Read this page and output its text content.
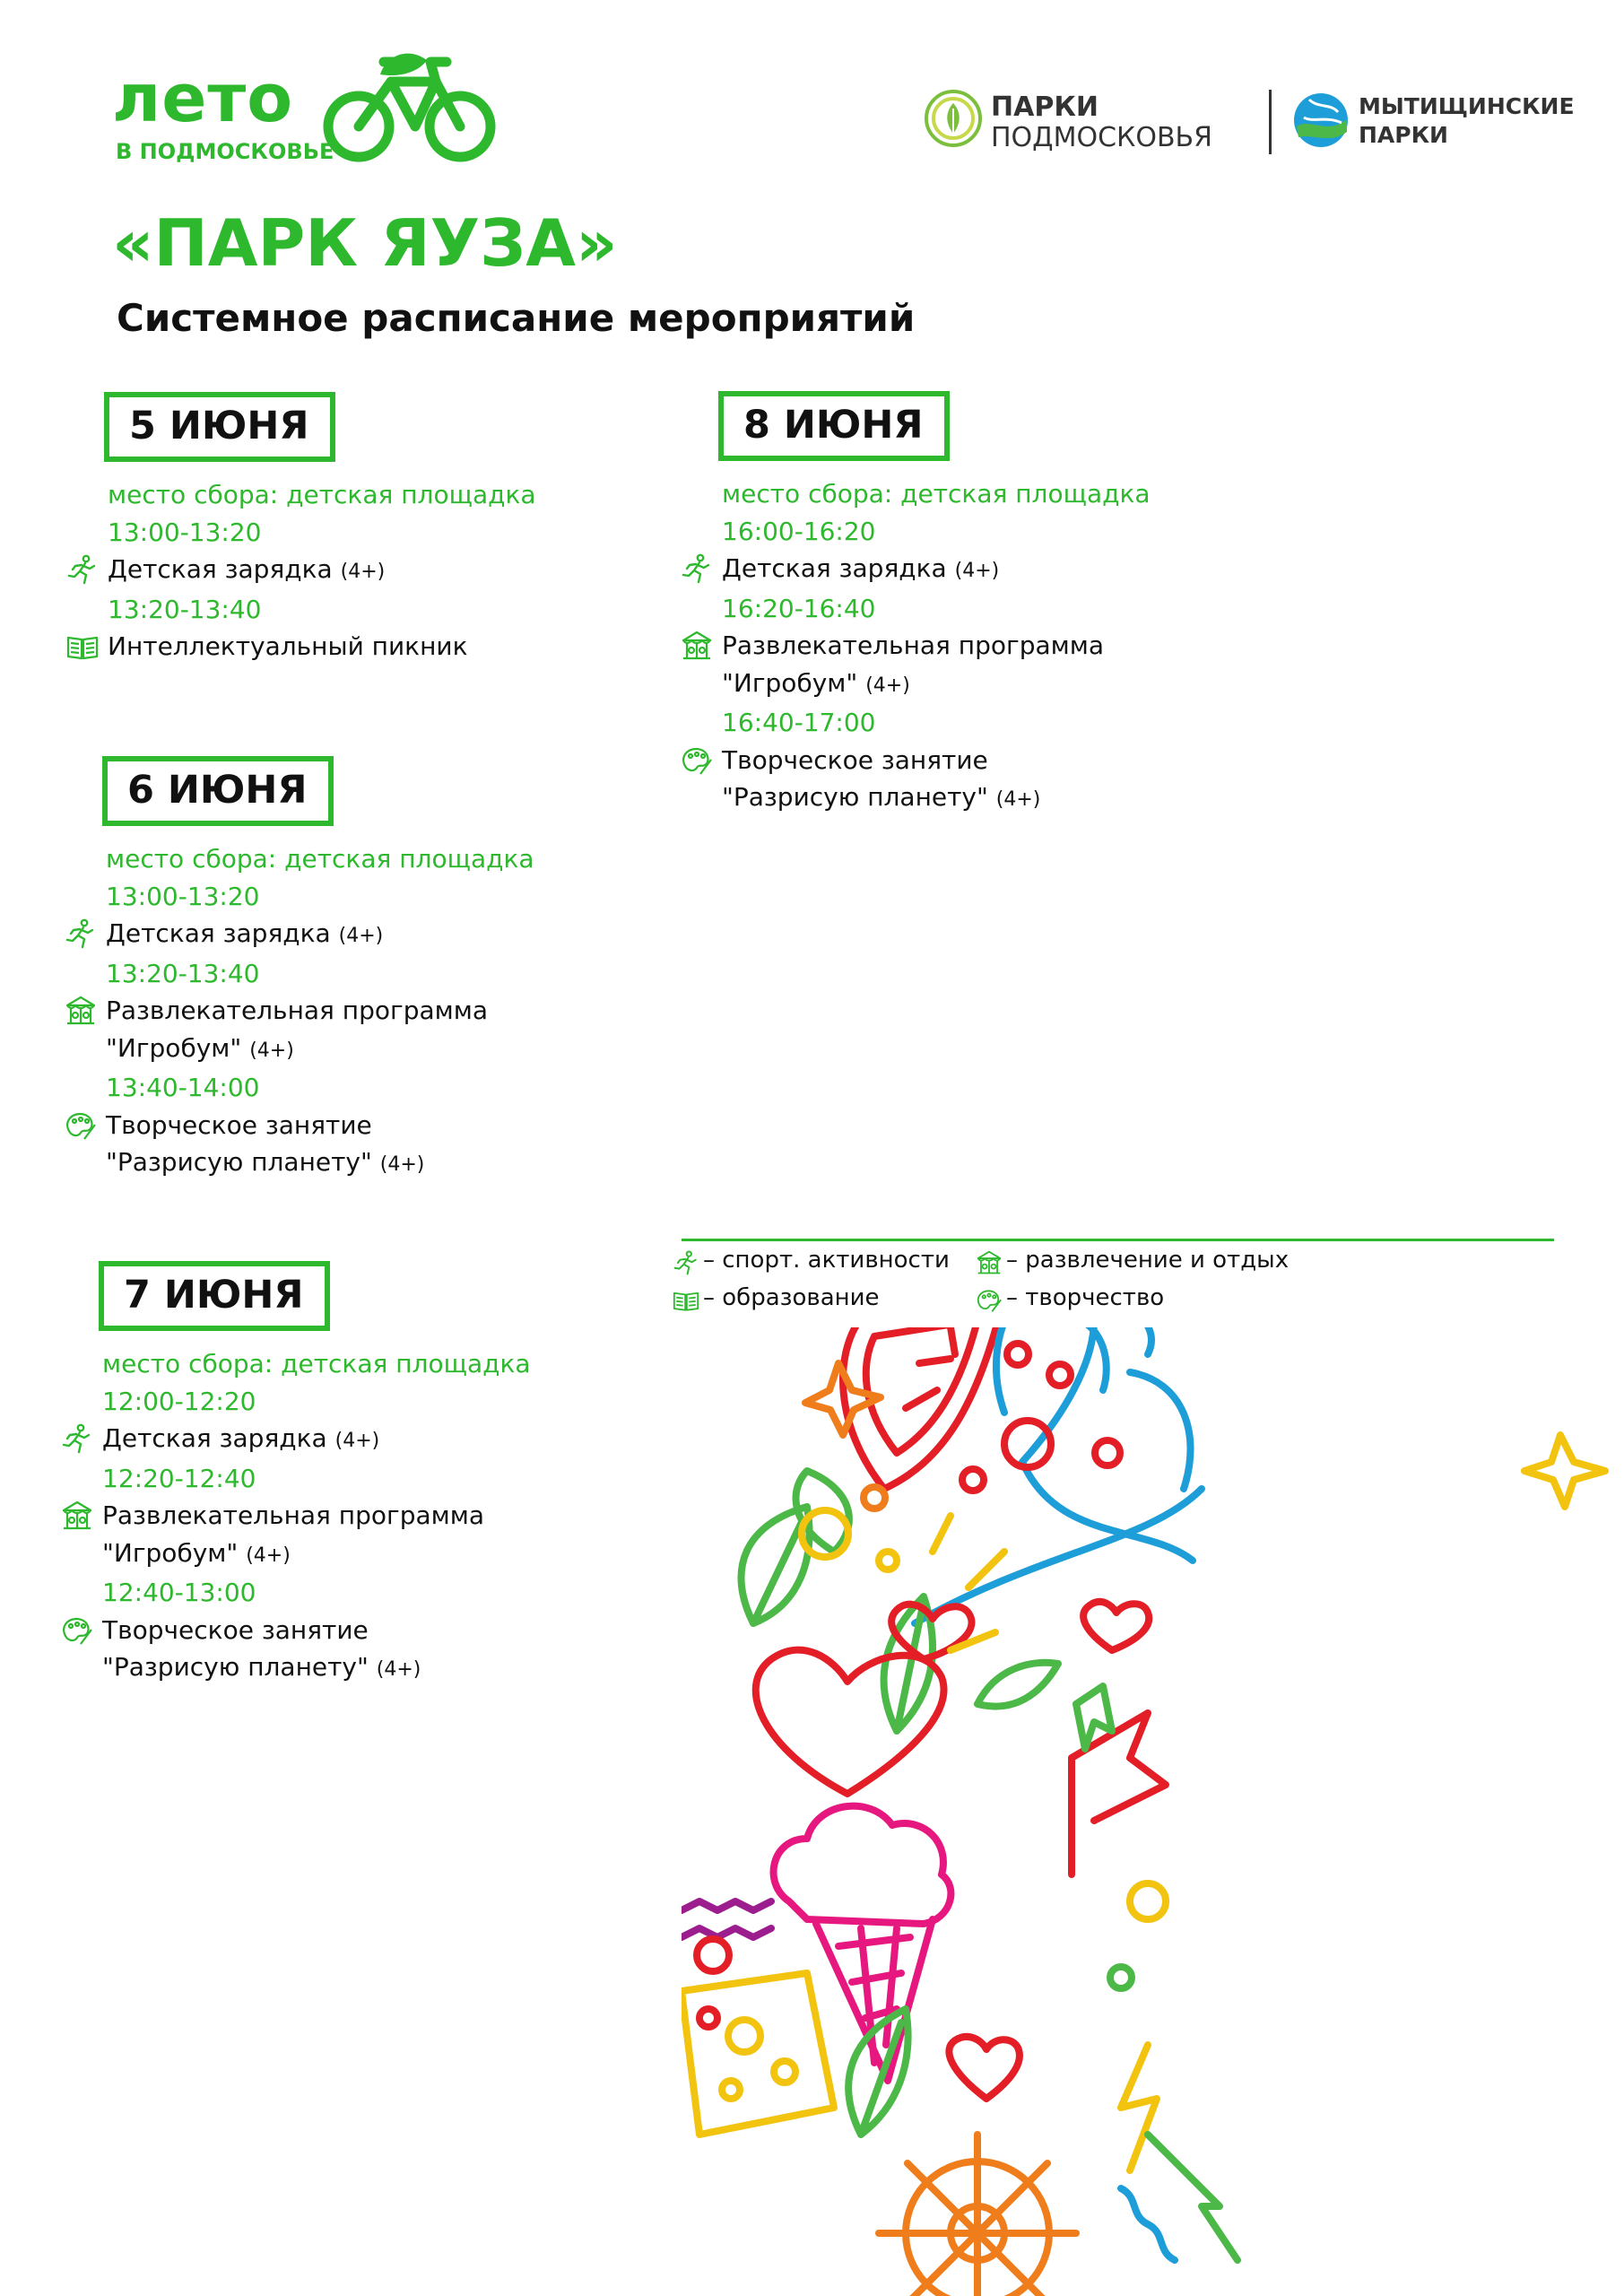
лето
В ПОДМОСКОВЬЕ
ПАРКИ
ПОДМОСКОВЬЯ
МЫТИЩИНСКИЕ
ПАРКИ
«ПАРК ЯУЗА»
Системное расписание мероприятий
5 ИЮНЯ
место сбора: детская площадка
13:00-13:20
Детская зарядка (4+)
13:20-13:40
Интеллектуальный пикник
6 ИЮНЯ
место сбора: детская площадка
13:00-13:20
Детская зарядка (4+)
13:20-13:40
Развлекательная программа
"Игробум" (4+)
13:40-14:00
Творческое занятие
"Разрисую планету" (4+)
7 ИЮНЯ
место сбора: детская площадка
12:00-12:20
Детская зарядка (4+)
12:20-12:40
Развлекательная программа
"Игробум" (4+)
12:40-13:00
Творческое занятие
"Разрисую планету" (4+)
8 ИЮНЯ
место сбора: детская площадка
16:00-16:20
Детская зарядка (4+)
16:20-16:40
Развлекательная программа
"Игробум" (4+)
16:40-17:00
Творческое занятие
"Разрисую планету" (4+)
– спорт. активности
– образование
– развлечение и отдых
– творчество
